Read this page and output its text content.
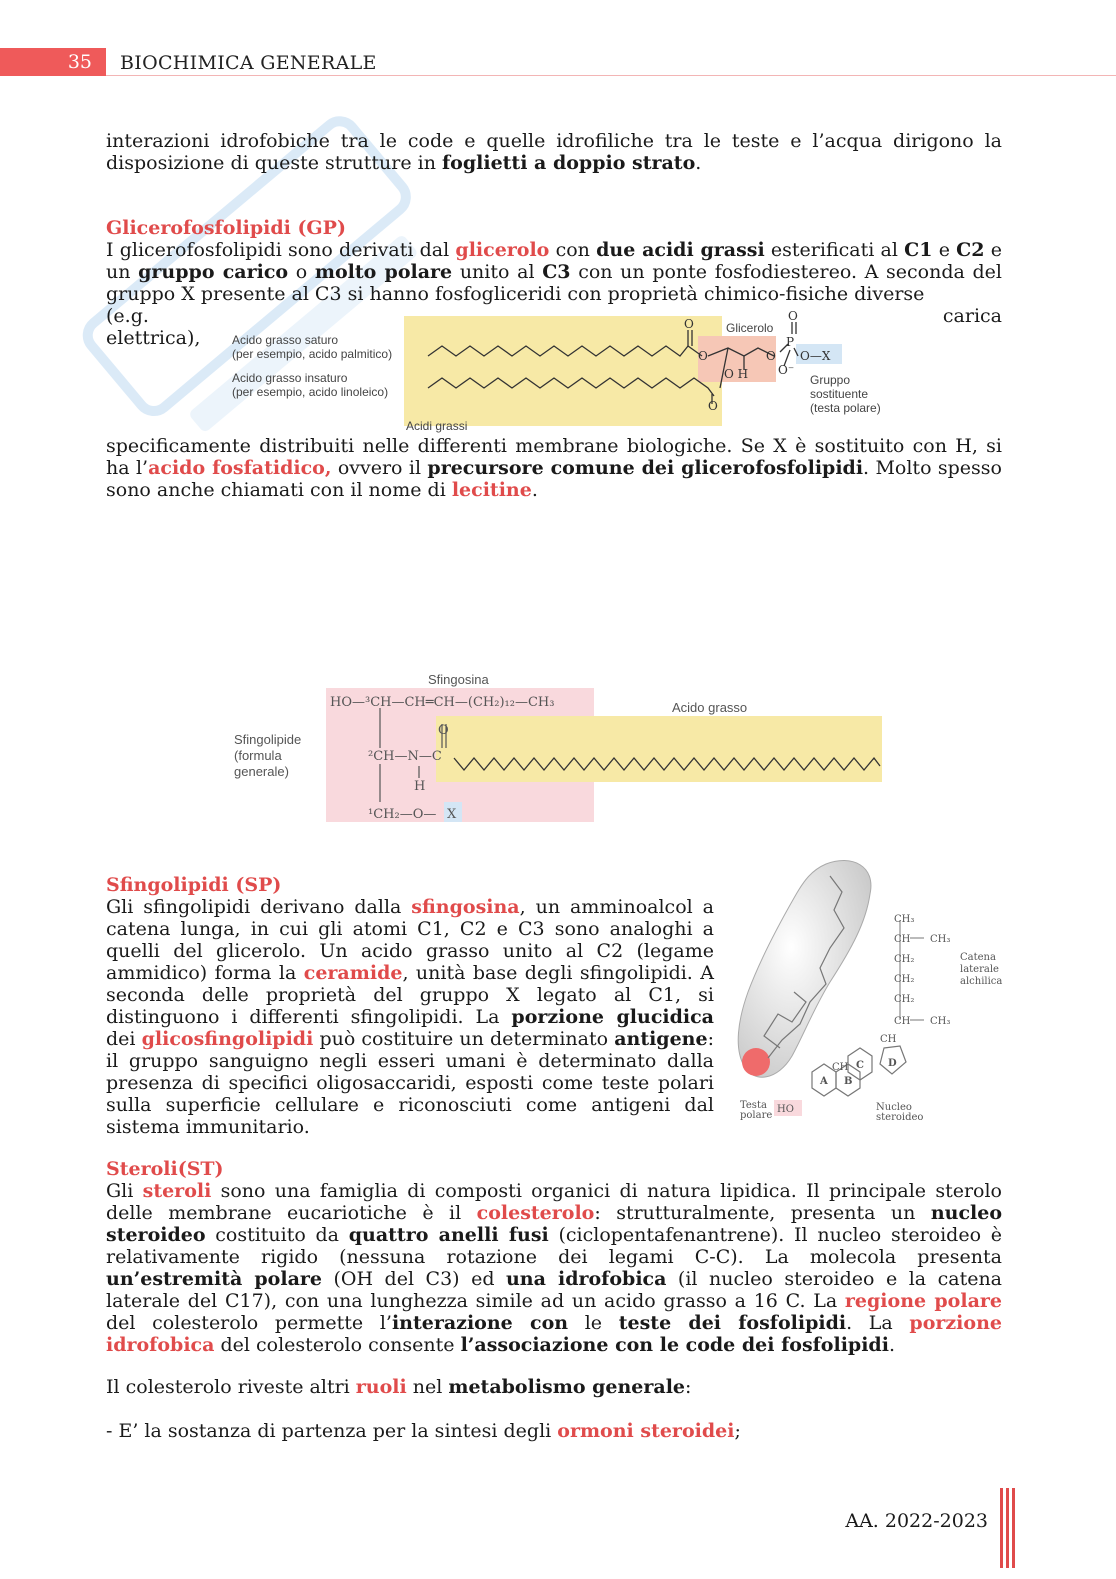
35	BIOCHIMICA GENERALE
interazioni idrofobiche tra le code e quelle idrofiliche tra le teste e l’acqua dirigono la disposizione di queste strutture in foglietti a doppio strato.
Glicerofosfolipidi (GP)
I glicerofosfolipidi sono derivati dal glicerolo con due acidi grassi esterificati al C1 e C2 e un gruppo carico o molto polare unito al C3 con un ponte fosfodiestereo. A seconda del gruppo X presente al C3 si hanno fosfogliceridi con proprietà chimico-fisiche diverse
(e.g.	carica
elettrica),	Acido grasso saturo
(per esempio, acido palmitico)
Acido grasso insaturo
(per esempio, acido linoleico)
Acidi grassi
Glicerolo
Gruppo
sostituente
(testa polare)
O
O
O H
O
O
P
O⁻
O—X
O
specificamente distribuiti nelle differenti membrane biologiche. Se X è sostituito con H, si ha l’acido fosfatidico, ovvero il precursore comune dei glicerofosfolipidi. Molto spesso sono anche chiamati con il nome di lecitine.
Sfingosina
Acido grasso
Sfingolipide
(formula
generale)
HO—³CH—CH═CH—(CH₂)₁₂—CH₃
²CH—N—C
H
O
¹CH₂—O— X
Sfingolipidi (SP)
Gli sfingolipidi derivano dalla sfingosina, un amminoalcol a catena lunga, in cui gli atomi C1, C2 e C3 sono analoghi a quelli del glicerolo. Un acido grasso unito al C2 (legame ammidico) forma la ceramide, unità base degli sfingolipidi. A seconda delle proprietà del gruppo X legato al C1, si distinguono i differenti sfingolipidi. La porzione glucidica dei glicosfingolipidi può costituire un determinato antigene: il gruppo sanguigno negli esseri umani è determinato dalla presenza di specifici oligosaccaridi, esposti come teste polari sulla superficie cellulare e riconosciuti come antigeni dal sistema immunitario.
CH₃
CH CH₃
CH₂
CH₂
CH₂
CH CH₃
CH
CH
HO
A B
C D
Catena
laterale
alchilica
Testa
polare
Nucleo
steroideo
Steroli(ST)
Gli steroli sono una famiglia di composti organici di natura lipidica. Il principale sterolo delle membrane eucariotiche è il colesterolo: strutturalmente, presenta un nucleo steroideo costituito da quattro anelli fusi (ciclopentafenantrene). Il nucleo steroideo è relativamente rigido (nessuna rotazione dei legami C-C). La molecola presenta un’estremità polare (OH del C3) ed una idrofobica (il nucleo steroideo e la catena laterale del C17), con una lunghezza simile ad un acido grasso a 16 C. La regione polare del colesterolo permette l’interazione con le teste dei fosfolipidi. La porzione idrofobica del colesterolo consente l’associazione con le code dei fosfolipidi.
Il colesterolo riveste altri ruoli nel metabolismo generale:
- E’ la sostanza di partenza per la sintesi degli ormoni steroidei;
AA. 2022-2023
